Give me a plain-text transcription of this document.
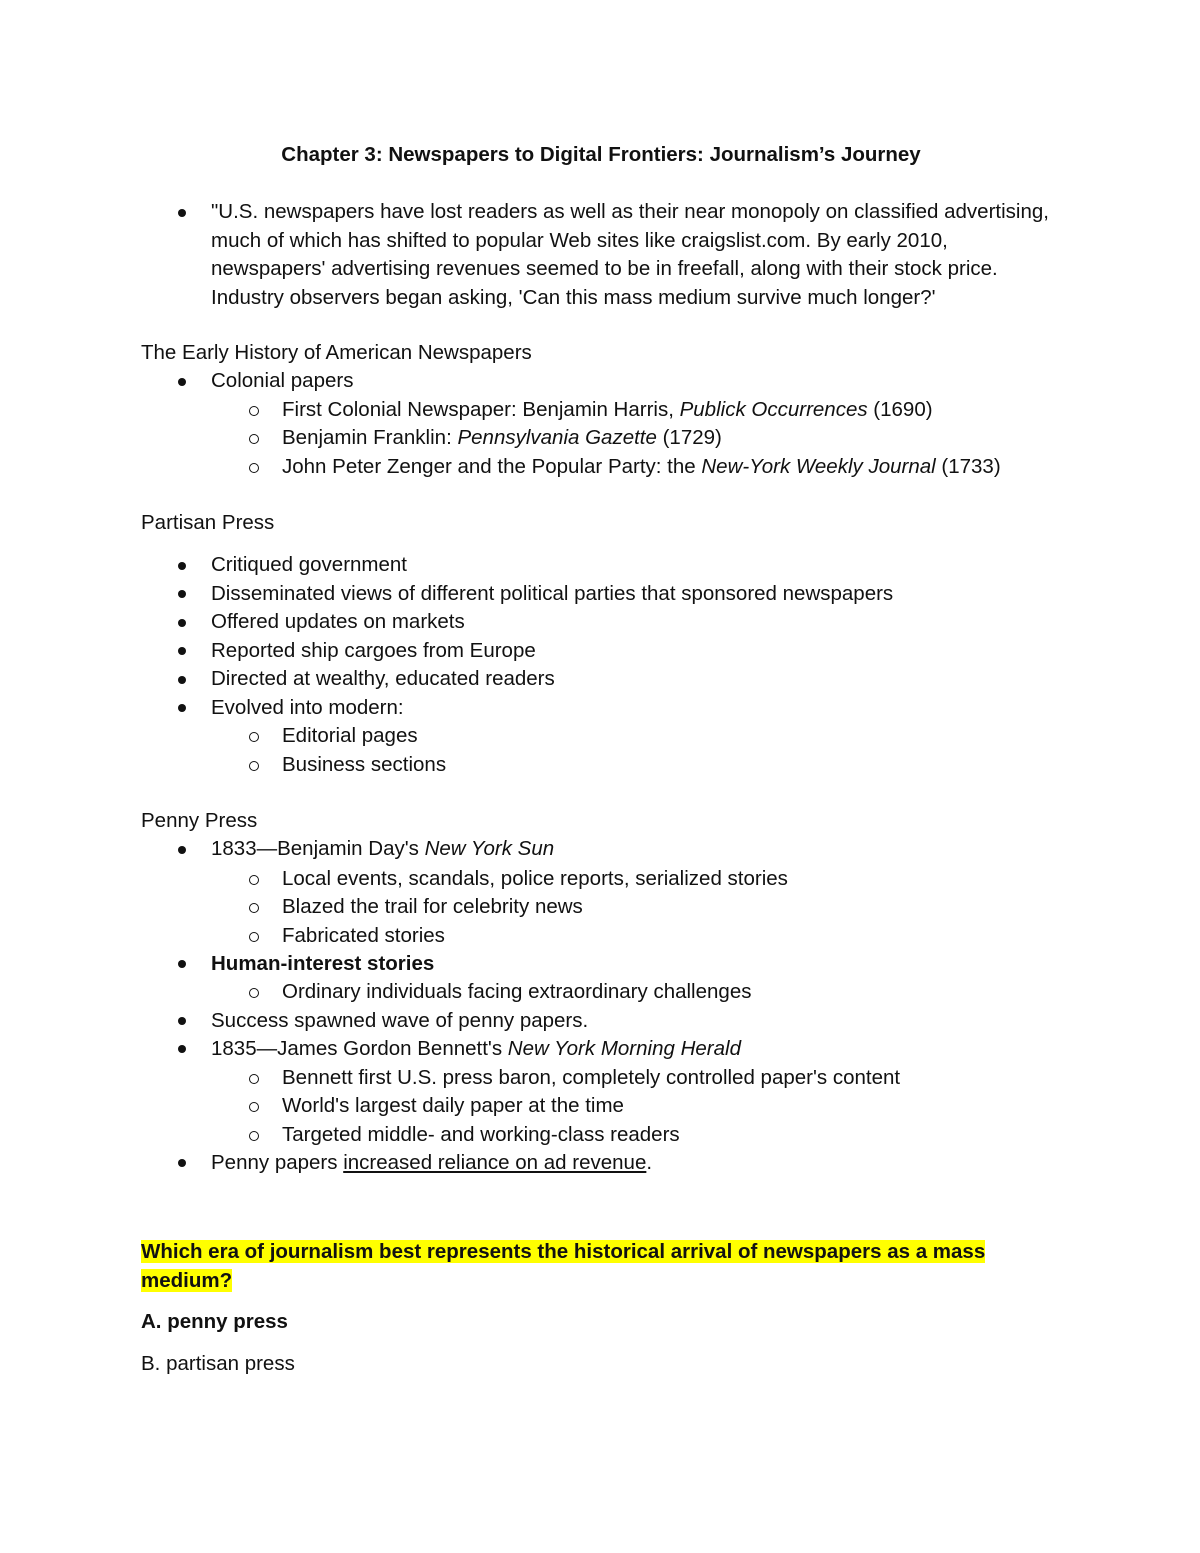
Chapter 3: Newspapers to Digital Frontiers: Journalism’s Journey
"U.S. newspapers have lost readers as well as their near monopoly on classified advertising, much of which has shifted to popular Web sites like craigslist.com. By early 2010, newspapers' advertising revenues seemed to be in freefall, along with their stock price. Industry observers began asking, 'Can this mass medium survive much longer?'
The Early History of American Newspapers
Colonial papers
First Colonial Newspaper: Benjamin Harris, Publick Occurrences (1690)
Benjamin Franklin: Pennsylvania Gazette (1729)
John Peter Zenger and the Popular Party: the New-York Weekly Journal (1733)
Partisan Press
Critiqued government
Disseminated views of different political parties that sponsored newspapers
Offered updates on markets
Reported ship cargoes from Europe
Directed at wealthy, educated readers
Evolved into modern:
Editorial pages
Business sections
Penny Press
1833—Benjamin Day's New York Sun
Local events, scandals, police reports, serialized stories
Blazed the trail for celebrity news
Fabricated stories
Human-interest stories
Ordinary individuals facing extraordinary challenges
Success spawned wave of penny papers.
1835—James Gordon Bennett's New York Morning Herald
Bennett first U.S. press baron, completely controlled paper's content
World's largest daily paper at the time
Targeted middle- and working-class readers
Penny papers increased reliance on ad revenue.
Which era of journalism best represents the historical arrival of newspapers as a mass
medium?
A. penny press
B. partisan press
